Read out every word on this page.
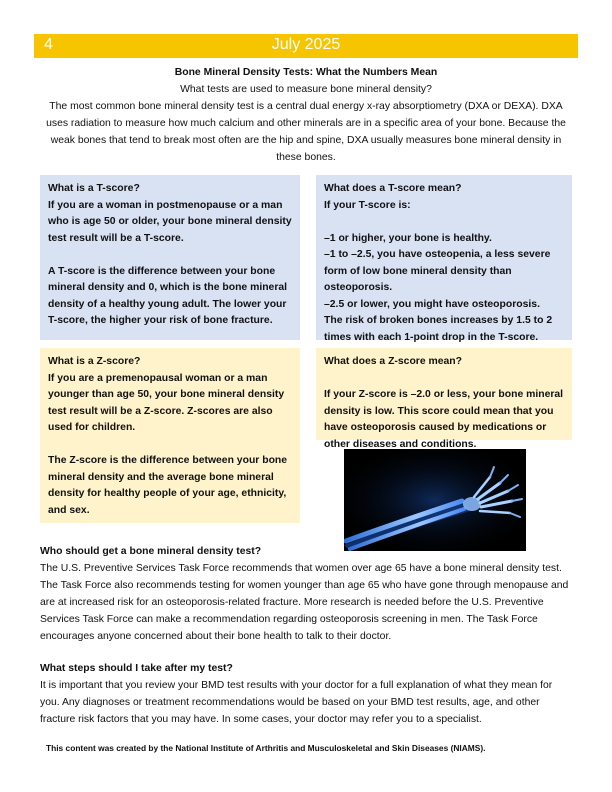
4	July 2025
Bone Mineral Density Tests: What the Numbers Mean
What tests are used to measure bone mineral density?
The most common bone mineral density test is a central dual energy x-ray absorptiometry (DXA or DEXA). DXA uses radiation to measure how much calcium and other minerals are in a specific area of your bone. Because the weak bones that tend to break most often are the hip and spine, DXA usually measures bone mineral density in these bones.

What is a T-score?

If you are a woman in postmenopause or a man who is age 50 or older, your bone mineral density test result will be a T-score.

A T-score is the difference between your bone mineral density and 0, which is the bone mineral density of a healthy young adult. The lower your T-score, the higher your risk of bone fracture.

What does a T-score mean?

If your T-score is:

–1 or higher, your bone is healthy.

–1 to –2.5, you have osteopenia, a less severe form of low bone mineral density than osteoporosis.

–2.5 or lower, you might have osteoporosis.

The risk of broken bones increases by 1.5 to 2 times with each 1-point drop in the T-score.

What is a Z-score?

If you are a premenopausal woman or a man younger than age 50, your bone mineral density test result will be a Z-score. Z-scores are also used for children.

The Z-score is the difference between your bone mineral density and the average bone mineral density for healthy people of your age, ethnicity, and sex.

What does a Z-score mean?

If your Z-score is –2.0 or less, your bone mineral density is low. This score could mean that you have osteoporosis caused by medications or other diseases and conditions.

Who should get a bone mineral density test?
The U.S. Preventive Services Task Force recommends that women over age 65 have a bone mineral density test. The Task Force also recommends testing for women younger than age 65 who have gone through menopause and are at increased risk for an osteoporosis-related fracture. More research is needed before the U.S. Preventive Services Task Force can make a recommendation regarding osteoporosis screening in men. The Task Force encourages anyone concerned about their bone health to talk to their doctor.
What steps should I take after my test?
It is important that you review your BMD test results with your doctor for a full explanation of what they mean for you. Any diagnoses or treatment recommendations would be based on your BMD test results, age, and other fracture risk factors that you may have. In some cases, your doctor may refer you to a specialist.
This content was created by the National Institute of Arthritis and Musculoskeletal and Skin Diseases (NIAMS).
